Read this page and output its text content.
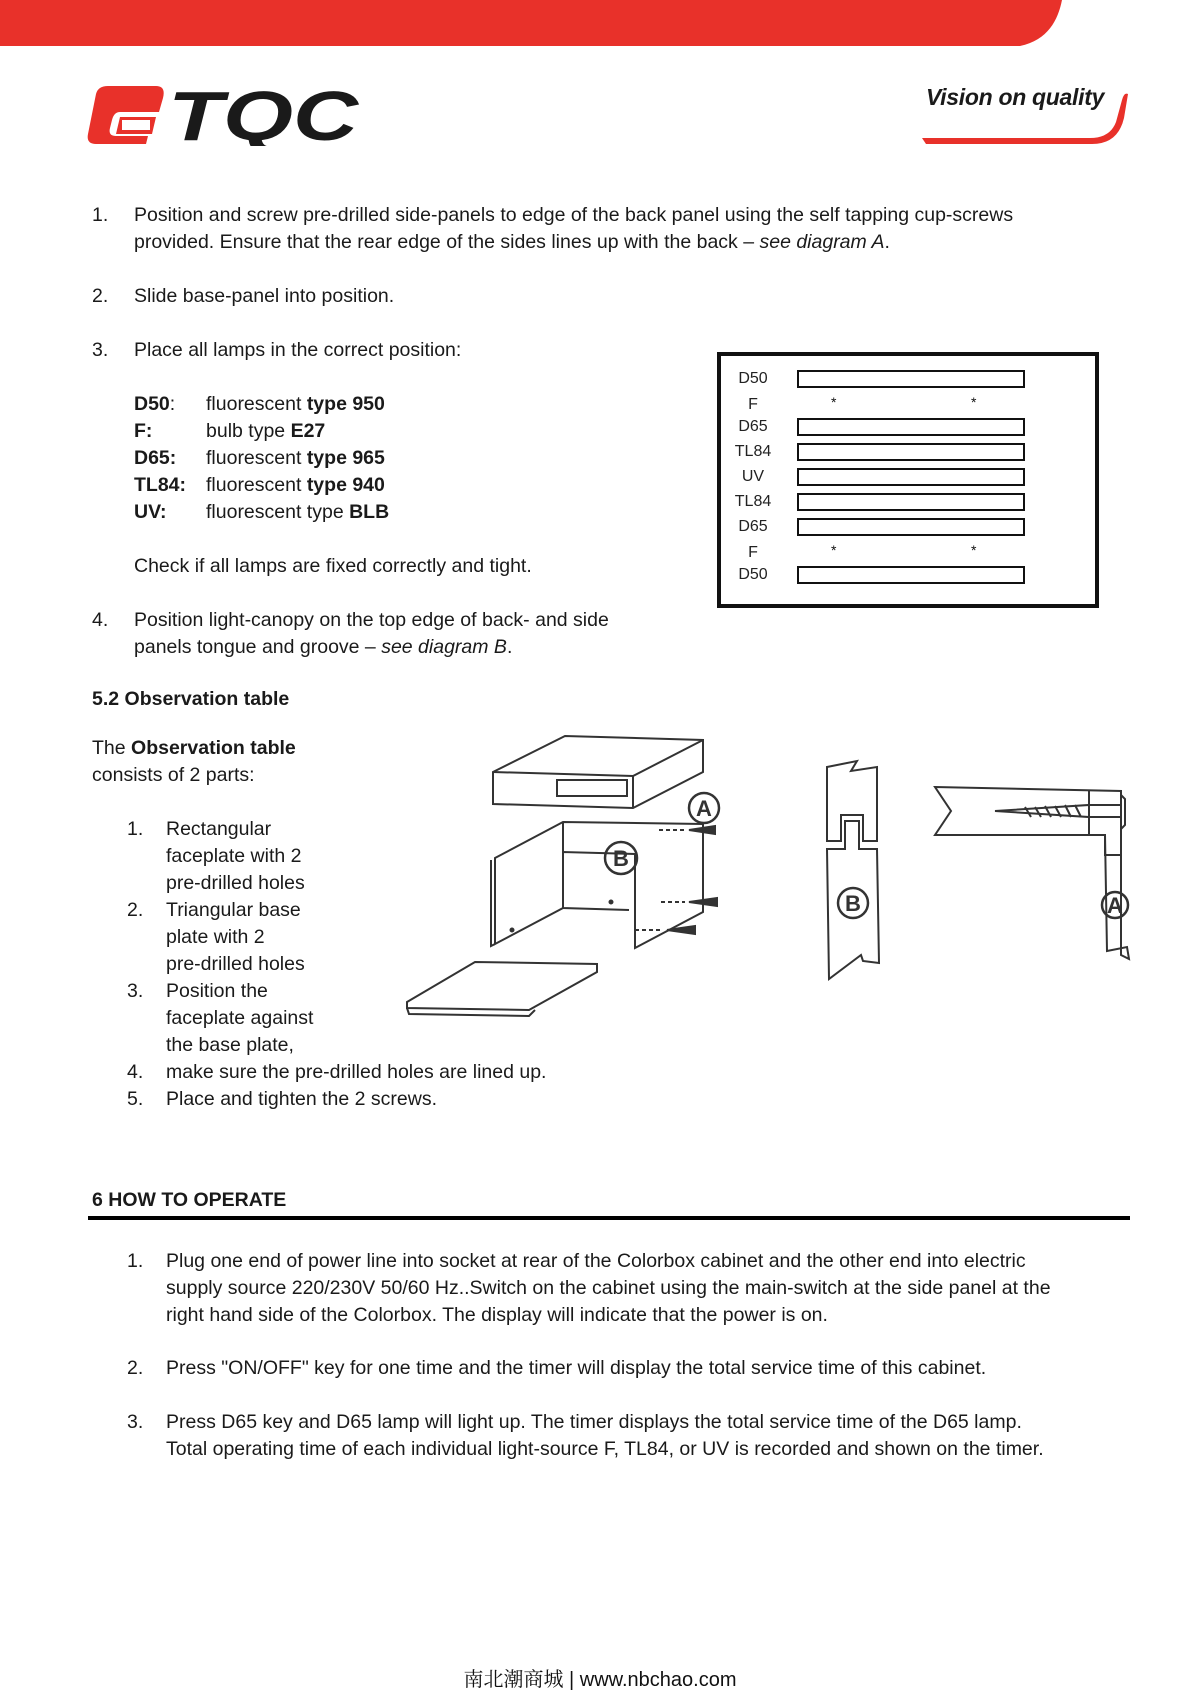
TQC	Vision on quality
1. Position and screw pre-drilled side-panels to edge of the back panel using the self tapping cup-screws
provided. Ensure that the rear edge of the sides lines up with the back – see diagram A.
2. Slide base-panel into position.
3. Place all lamps in the correct position:
D50:	fluorescent type 950
F:	bulb type E27
D65:	fluorescent type 965
TL84:	fluorescent type 940
UV:	fluorescent type BLB
Check if all lamps are fixed correctly and tight.
4. Position light-canopy on the top edge of back- and side
panels tongue and groove – see diagram B.
D50
F	*	*
D65
TL84
UV
TL84
D65
F	*	*
D50
5.2 Observation table
The Observation table
consists of 2 parts:
1. Rectangular
faceplate with 2
pre-drilled holes
2. Triangular base
plate with 2
pre-drilled holes
3. Position the
faceplate against
the base plate,
4. make sure the pre-drilled holes are lined up.
5. Place and tighten the 2 screws.
A
B
B	A
6 HOW TO OPERATE
1. Plug one end of power line into socket at rear of the Colorbox cabinet and the other end into electric
supply source 220/230V 50/60 Hz..Switch on the cabinet using the main-switch at the side panel at the
right hand side of the Colorbox. The display will indicate that the power is on.
2. Press "ON/OFF" key for one time and the timer will display the total service time of this cabinet.
3. Press D65 key and D65 lamp will light up. The timer displays the total service time of the D65 lamp.
Total operating time of each individual light-source F, TL84, or UV is recorded and shown on the timer.
南北潮商城 | www.nbchao.com
